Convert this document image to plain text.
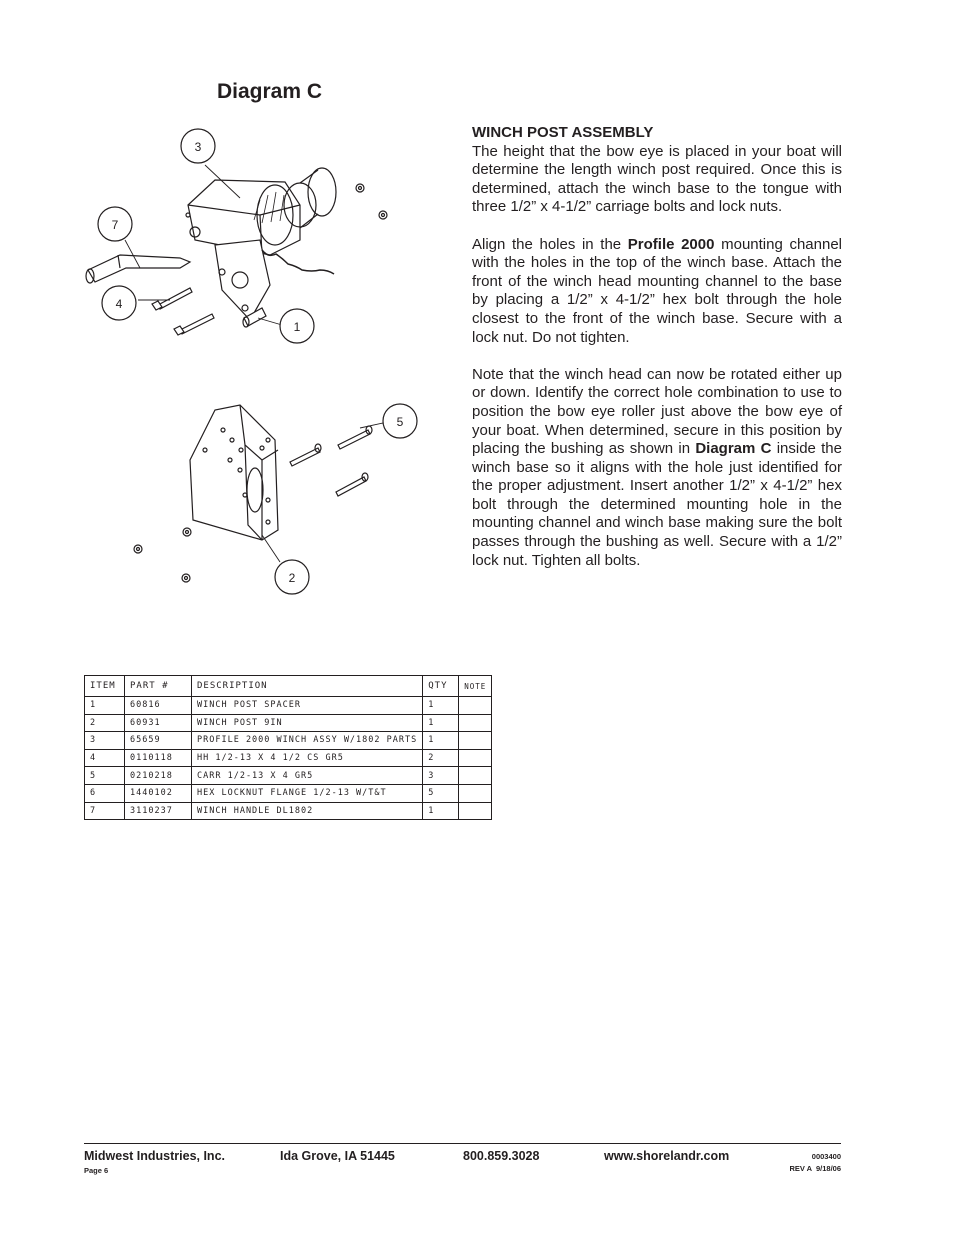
Diagram C
3
7
4
1
5
2

WINCH POST ASSEMBLY
The height that the bow eye is placed in your boat will determine the length winch post required. Once this is determined, attach the winch base to the tongue with three 1/2” x 4-1/2” carriage bolts and lock nuts.

Align the holes in the Profile 2000 mounting channel with the holes in the top of the winch base. Attach the front of the winch head mounting channel to the base by placing a 1/2” x 4-1/2” hex bolt through the hole closest to the front of the winch base. Secure with a lock nut. Do not tighten.

Note that the winch head can now be rotated either up or down. Identify the correct hole combination to use to position the bow eye roller just above the bow eye of your boat. When determined, secure in this position by placing the bushing as shown in Diagram C inside the winch base so it aligns with the hole just identified for the proper adjustment. Insert another 1/2” x 4-1/2” hex bolt through the determined mounting hole in the mounting channel and winch base making sure the bolt passes through the bushing as well. Secure with a 1/2” lock nut. Tighten all bolts.

ITEM	PART #	DESCRIPTION	QTY	NOTE
1	60816	WINCH POST SPACER	1	
2	60931	WINCH POST 9IN	1	
3	65659	PROFILE 2000 WINCH ASSY W/1802 PARTS	1	
4	0110118	HH 1/2-13 X 4 1/2 CS GR5	2	
5	0210218	CARR 1/2-13 X 4 GR5	3	
6	1440102	HEX LOCKNUT FLANGE 1/2-13 W/T&T	5	
7	3110237	WINCH HANDLE DL1802	1	
Midwest Industries, Inc.
Page 6
Ida Grove, IA 51445	800.859.3028	www.shorelandr.com	0003400
REV A  9/18/06
